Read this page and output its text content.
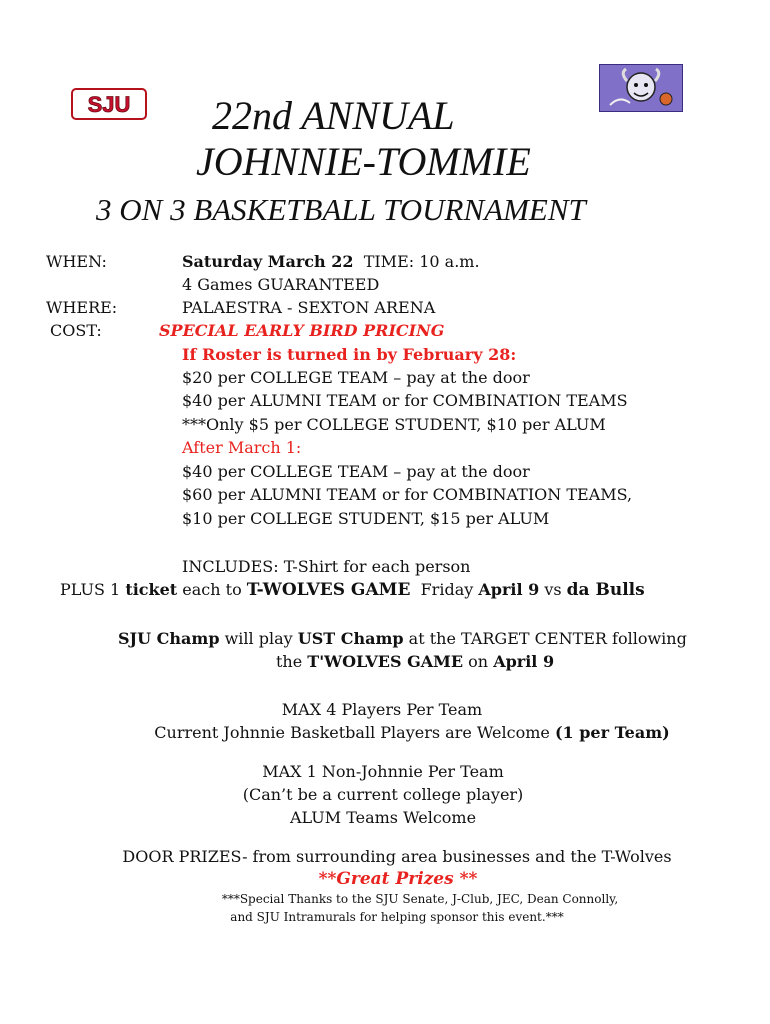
SJU 22nd ANNUAL
JOHNNIE-TOMMIE
3 ON 3 BASKETBALL TOURNAMENT
WHEN:	Saturday March 22  TIME: 10 a.m.
4 Games GUARANTEED
WHERE:	PALAESTRA - SEXTON ARENA
COST:	SPECIAL EARLY BIRD PRICING
If Roster is turned in by February 28:
$20 per COLLEGE TEAM – pay at the door
$40 per ALUMNI TEAM or for COMBINATION TEAMS
***Only $5 per COLLEGE STUDENT, $10 per ALUM
After March 1:
$40 per COLLEGE TEAM – pay at the door
$60 per ALUMNI TEAM or for COMBINATION TEAMS,
$10 per COLLEGE STUDENT, $15 per ALUM
INCLUDES: T-Shirt for each person
PLUS 1 ticket each to T-WOLVES GAME  Friday April 9 vs da Bulls
SJU Champ will play UST Champ at the TARGET CENTER following
the T'WOLVES GAME on April 9
MAX 4 Players Per Team
Current Johnnie Basketball Players are Welcome (1 per Team)
MAX 1 Non-Johnnie Per Team
(Can’t be a current college player)
ALUM Teams Welcome
DOOR PRIZES- from surrounding area businesses and the T-Wolves
**Great Prizes **
***Special Thanks to the SJU Senate, J-Club, JEC, Dean Connolly,
and SJU Intramurals for helping sponsor this event.***
